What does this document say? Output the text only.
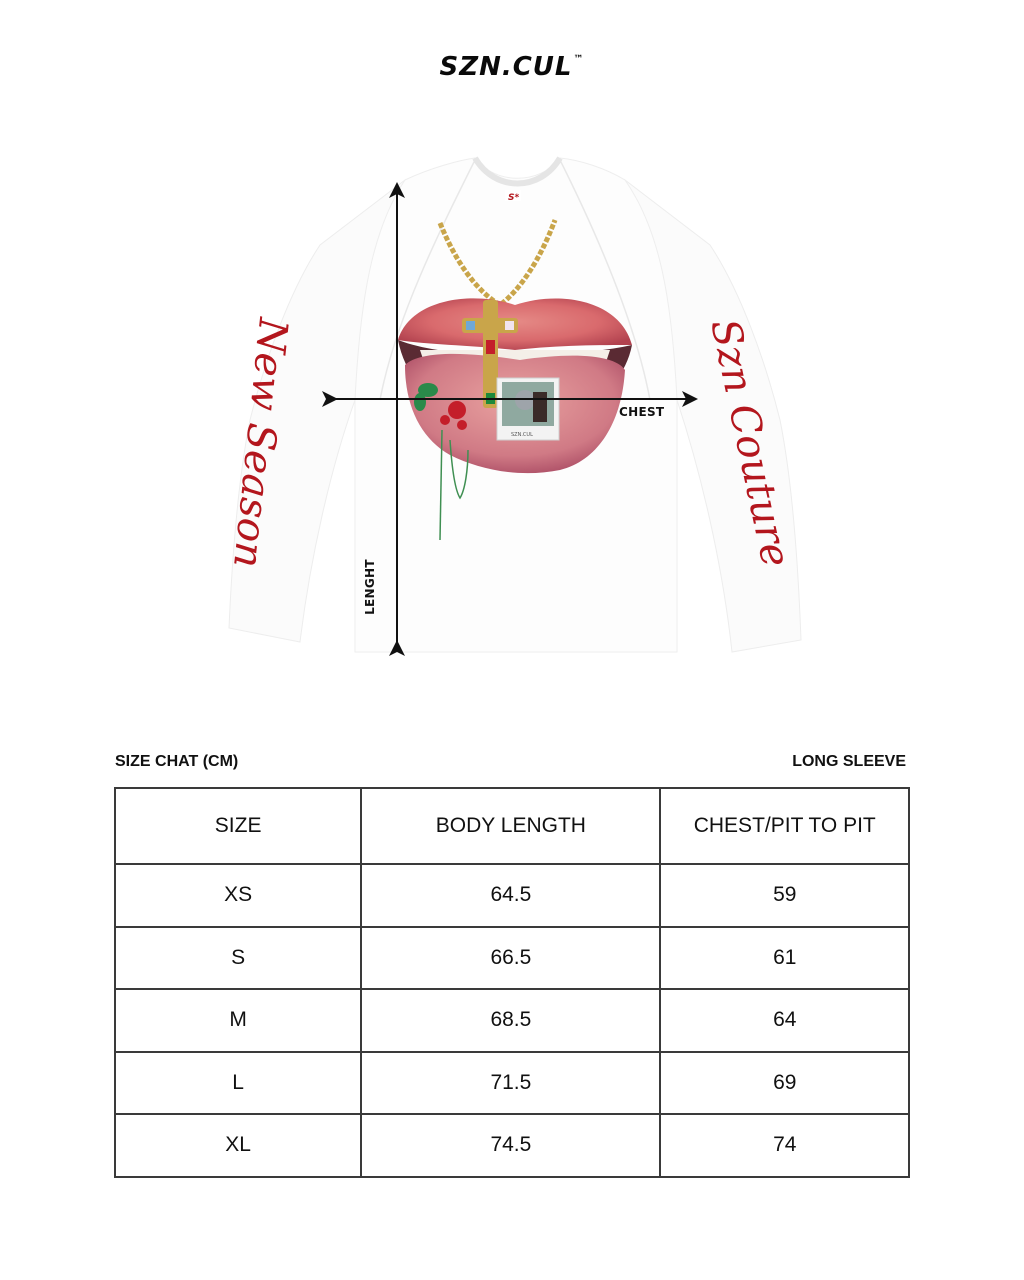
SZN.CUL™
S*
SZN.CUL
New Season	Szn Couture
CHEST
LENGHT
SIZE CHAT (CM)	LONG SLEEVE
SIZE	BODY LENGTH	CHEST/PIT TO PIT
XS	64.5	59
S	66.5	61
M	68.5	64
L	71.5	69
XL	74.5	74
